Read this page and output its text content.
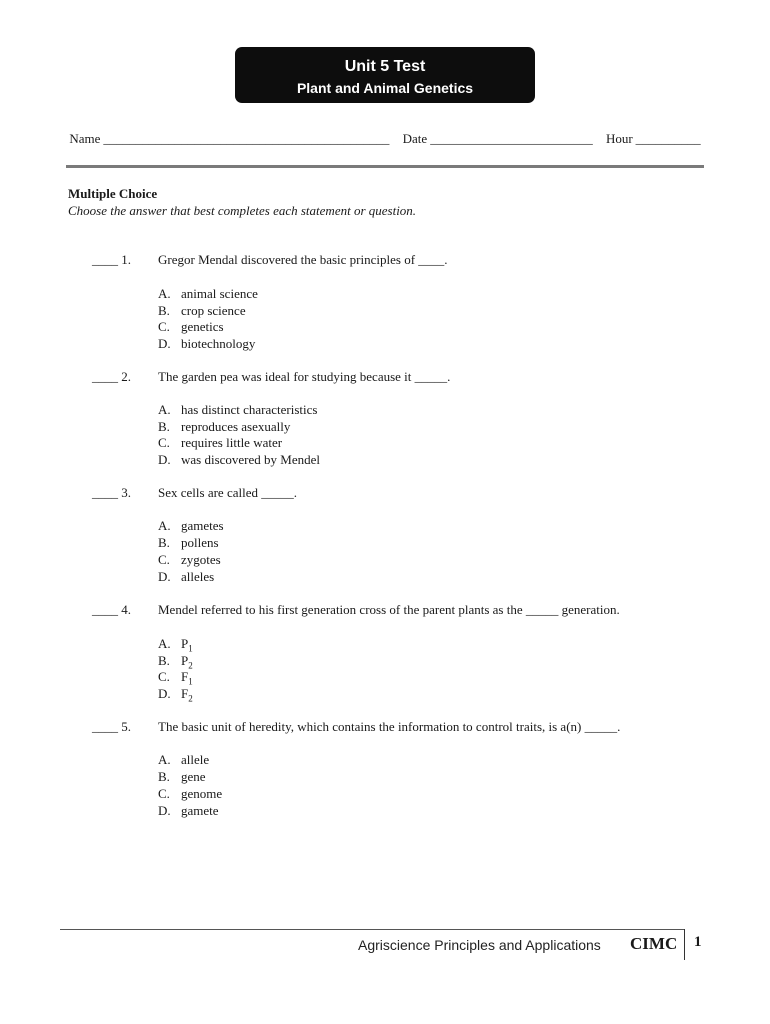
Unit 5 Test
Plant and Animal Genetics
Name ____________________________________________ Date _________________________ Hour __________
Multiple Choice
Choose the answer that best completes each statement or question.
____ 1. Gregor Mendal discovered the basic principles of ____.
A. animal science
B. crop science
C. genetics
D. biotechnology
____ 2. The garden pea was ideal for studying because it _____.
A. has distinct characteristics
B. reproduces asexually
C. requires little water
D. was discovered by Mendel
____ 3. Sex cells are called _____.
A. gametes
B. pollens
C. zygotes
D. alleles
____ 4. Mendel referred to his first generation cross of the parent plants as the _____ generation.
A. $P_1$
B. $P_2$
C. $F_1$
D. $F_2$
____ 5. The basic unit of heredity, which contains the information to control traits, is a(n) _____.
A. allele
B. gene
C. genome
D. gamete
Agriscience Principles and Applications CIMC 1
